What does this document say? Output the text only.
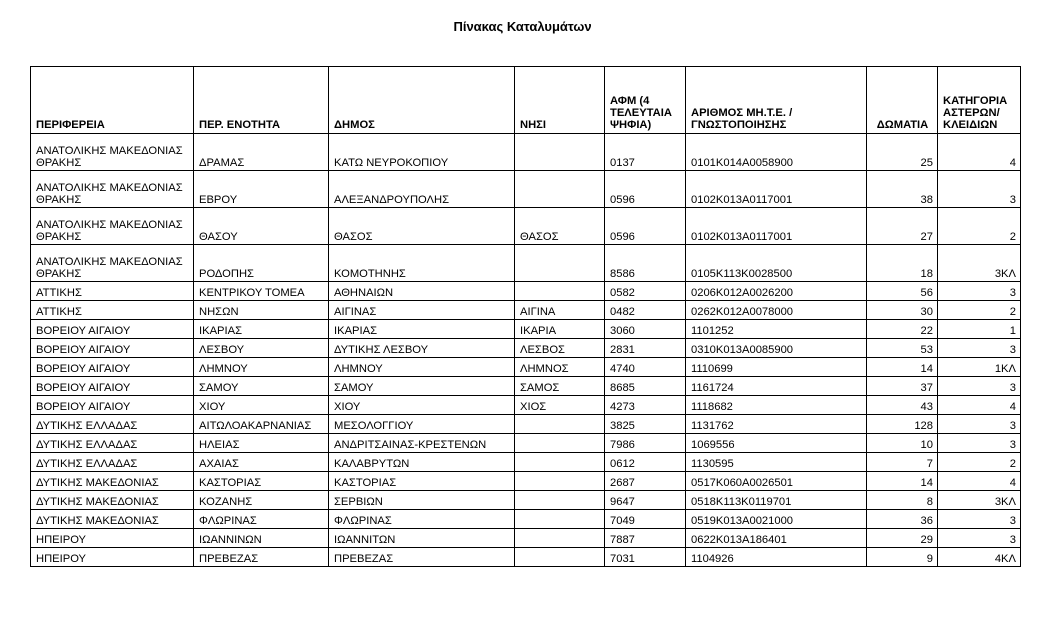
Πίνακας Καταλυμάτων
ΠΕΡΙΦΕΡΕΙΑ	ΠΕΡ. ΕΝΟΤΗΤΑ	ΔΗΜΟΣ	ΝΗΣΙ	ΑΦΜ (4 ΤΕΛΕΥΤΑΙΑ ΨΗΦΙΑ)	ΑΡΙΘΜΟΣ ΜΗ.Τ.Ε. / ΓΝΩΣΤΟΠΟΙΗΣΗΣ	ΔΩΜΑΤΙΑ	ΚΑΤΗΓΟΡΙΑ ΑΣΤΕΡΩΝ/ ΚΛΕΙΔΙΩΝ
ΑΝΑΤΟΛΙΚΗΣ ΜΑΚΕΔΟΝΙΑΣ ΘΡΑΚΗΣ	ΔΡΑΜΑΣ	ΚΑΤΩ ΝΕΥΡΟΚΟΠΙΟΥ		0137	0101Κ014Α0058900	25	4
ΑΝΑΤΟΛΙΚΗΣ ΜΑΚΕΔΟΝΙΑΣ ΘΡΑΚΗΣ	ΕΒΡΟΥ	ΑΛΕΞΑΝΔΡΟΥΠΟΛΗΣ		0596	0102Κ013Α0117001	38	3
ΑΝΑΤΟΛΙΚΗΣ ΜΑΚΕΔΟΝΙΑΣ ΘΡΑΚΗΣ	ΘΑΣΟΥ	ΘΑΣΟΣ	ΘΑΣΟΣ	0596	0102Κ013Α0117001	27	2
ΑΝΑΤΟΛΙΚΗΣ ΜΑΚΕΔΟΝΙΑΣ ΘΡΑΚΗΣ	ΡΟΔΟΠΗΣ	ΚΟΜΟΤΗΝΗΣ		8586	0105Κ113Κ0028500	18	3ΚΛ
ΑΤΤΙΚΗΣ	ΚΕΝΤΡΙΚΟΥ ΤΟΜΕΑ	ΑΘΗΝΑΙΩΝ		0582	0206Κ012Α0026200	56	3
ΑΤΤΙΚΗΣ	ΝΗΣΩΝ	ΑΙΓΙΝΑΣ	ΑΙΓΙΝΑ	0482	0262Κ012Α0078000	30	2
ΒΟΡΕΙΟΥ ΑΙΓΑΙΟΥ	ΙΚΑΡΙΑΣ	ΙΚΑΡΙΑΣ	ΙΚΑΡΙΑ	3060	1101252	22	1
ΒΟΡΕΙΟΥ ΑΙΓΑΙΟΥ	ΛΕΣΒΟΥ	ΔΥΤΙΚΗΣ ΛΕΣΒΟΥ	ΛΕΣΒΟΣ	2831	0310Κ013Α0085900	53	3
ΒΟΡΕΙΟΥ ΑΙΓΑΙΟΥ	ΛΗΜΝΟΥ	ΛΗΜΝΟΥ	ΛΗΜΝΟΣ	4740	1110699	14	1ΚΛ
ΒΟΡΕΙΟΥ ΑΙΓΑΙΟΥ	ΣΑΜΟΥ	ΣΑΜΟΥ	ΣΑΜΟΣ	8685	1161724	37	3
ΒΟΡΕΙΟΥ ΑΙΓΑΙΟΥ	ΧΙΟΥ	ΧΙΟΥ	ΧΙΟΣ	4273	1118682	43	4
ΔΥΤΙΚΗΣ ΕΛΛΑΔΑΣ	ΑΙΤΩΛΟΑΚΑΡΝΑΝΙΑΣ	ΜΕΣΟΛΟΓΓΙΟΥ		3825	1131762	128	3
ΔΥΤΙΚΗΣ ΕΛΛΑΔΑΣ	ΗΛΕΙΑΣ	ΑΝΔΡΙΤΣΑΙΝΑΣ-ΚΡΕΣΤΕΝΩΝ		7986	1069556	10	3
ΔΥΤΙΚΗΣ ΕΛΛΑΔΑΣ	ΑΧΑΙΑΣ	ΚΑΛΑΒΡΥΤΩΝ		0612	1130595	7	2
ΔΥΤΙΚΗΣ ΜΑΚΕΔΟΝΙΑΣ	ΚΑΣΤΟΡΙΑΣ	ΚΑΣΤΟΡΙΑΣ		2687	0517Κ060Α0026501	14	4
ΔΥΤΙΚΗΣ ΜΑΚΕΔΟΝΙΑΣ	ΚΟΖΑΝΗΣ	ΣΕΡΒΙΩΝ		9647	0518Κ113Κ0119701	8	3ΚΛ
ΔΥΤΙΚΗΣ ΜΑΚΕΔΟΝΙΑΣ	ΦΛΩΡΙΝΑΣ	ΦΛΩΡΙΝΑΣ		7049	0519Κ013Α0021000	36	3
ΗΠΕΙΡΟΥ	ΙΩΑΝΝΙΝΩΝ	ΙΩΑΝΝΙΤΩΝ		7887	0622Κ013Α186401	29	3
ΗΠΕΙΡΟΥ	ΠΡΕΒΕΖΑΣ	ΠΡΕΒΕΖΑΣ		7031	1104926	9	4ΚΛ
